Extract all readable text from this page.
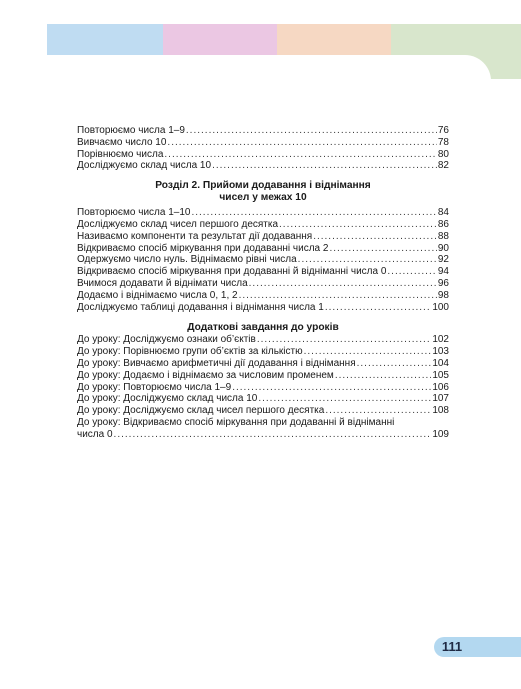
Повторюємо числа 1–9 .....	76
Вивчаємо число 10 .....	78
Порівнюємо числа .....	80
Досліджуємо склад числа 10 .....	82
Розділ 2. Прийоми додавання і віднімання
чисел у межах 10
Повторюємо числа 1–10 .....	84
Досліджуємо склад чисел першого десятка .....	86
Називаємо компоненти та результат дії додавання .....	88
Відкриваємо спосіб міркування при додаванні числа 2 .....	90
Одержуємо число нуль. Віднімаємо рівні числа .....	92
Відкриваємо спосіб міркування при додаванні й відніманні числа 0 .....	94
Вчимося додавати й віднімати числа .....	96
Додаємо і віднімаємо числа 0, 1, 2 .....	98
Досліджуємо таблиці додавання і віднімання числа 1 .....	100
Додаткові завдання до уроків
До уроку: Досліджуємо ознаки об’єктів .....	102
До уроку: Порівнюємо групи об’єктів за кількістю .....	103
До уроку: Вивчаємо арифметичні дії додавання і віднімання .....	104
До уроку: Додаємо і віднімаємо за числовим променем .....	105
До уроку: Повторюємо числа 1–9 .....	106
До уроку: Досліджуємо склад числа 10 .....	107
До уроку: Досліджуємо склад чисел першого десятка .....	108
До уроку: Відкриваємо спосіб міркування при додаванні й відніманні
числа 0 .....	109
111
